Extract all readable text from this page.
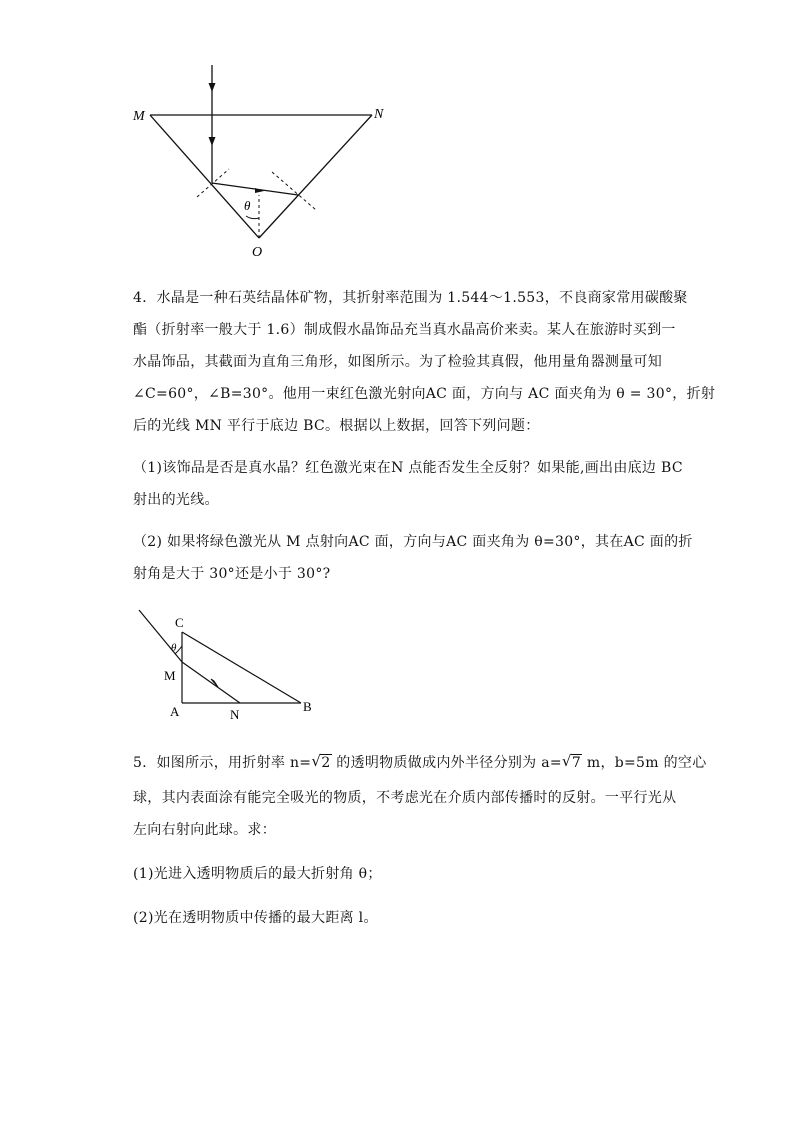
M	N
θ
O
4．水晶是一种石英结晶体矿物，其折射率范围为 1.544～1.553，不良商家常用碳酸聚
酯（折射率一般大于 1.6）制成假水晶饰品充当真水晶高价来卖。某人在旅游时买到一
水晶饰品，其截面为直角三角形，如图所示。为了检验其真假，他用量角器测量可知
∠C=60°，∠B=30°。他用一束红色激光射向AC 面，方向与 AC 面夹角为 θ = 30°，折射
后的光线 MN 平行于底边 BC。根据以上数据，回答下列问题：
（1)该饰品是否是真水晶？红色激光束在N 点能否发生全反射？如果能,画出由底边 BC
射出的光线。
（2) 如果将绿色激光从 M 点射向AC 面，方向与AC 面夹角为 θ=30°，其在AC 面的折
射角是大于 30°还是小于 30°?
C
θ
M
A	N
B
5．如图所示，用折射率 n= √ 2 的透明物质做成内外半径分别为 a= √ 7 m，b=5m 的空心
球，其内表面涂有能完全吸光的物质，不考虑光在介质内部传播时的反射。一平行光从
左向右射向此球。求：
(1)光进入透明物质后的最大折射角 θ；
(2)光在透明物质中传播的最大距离 l。
